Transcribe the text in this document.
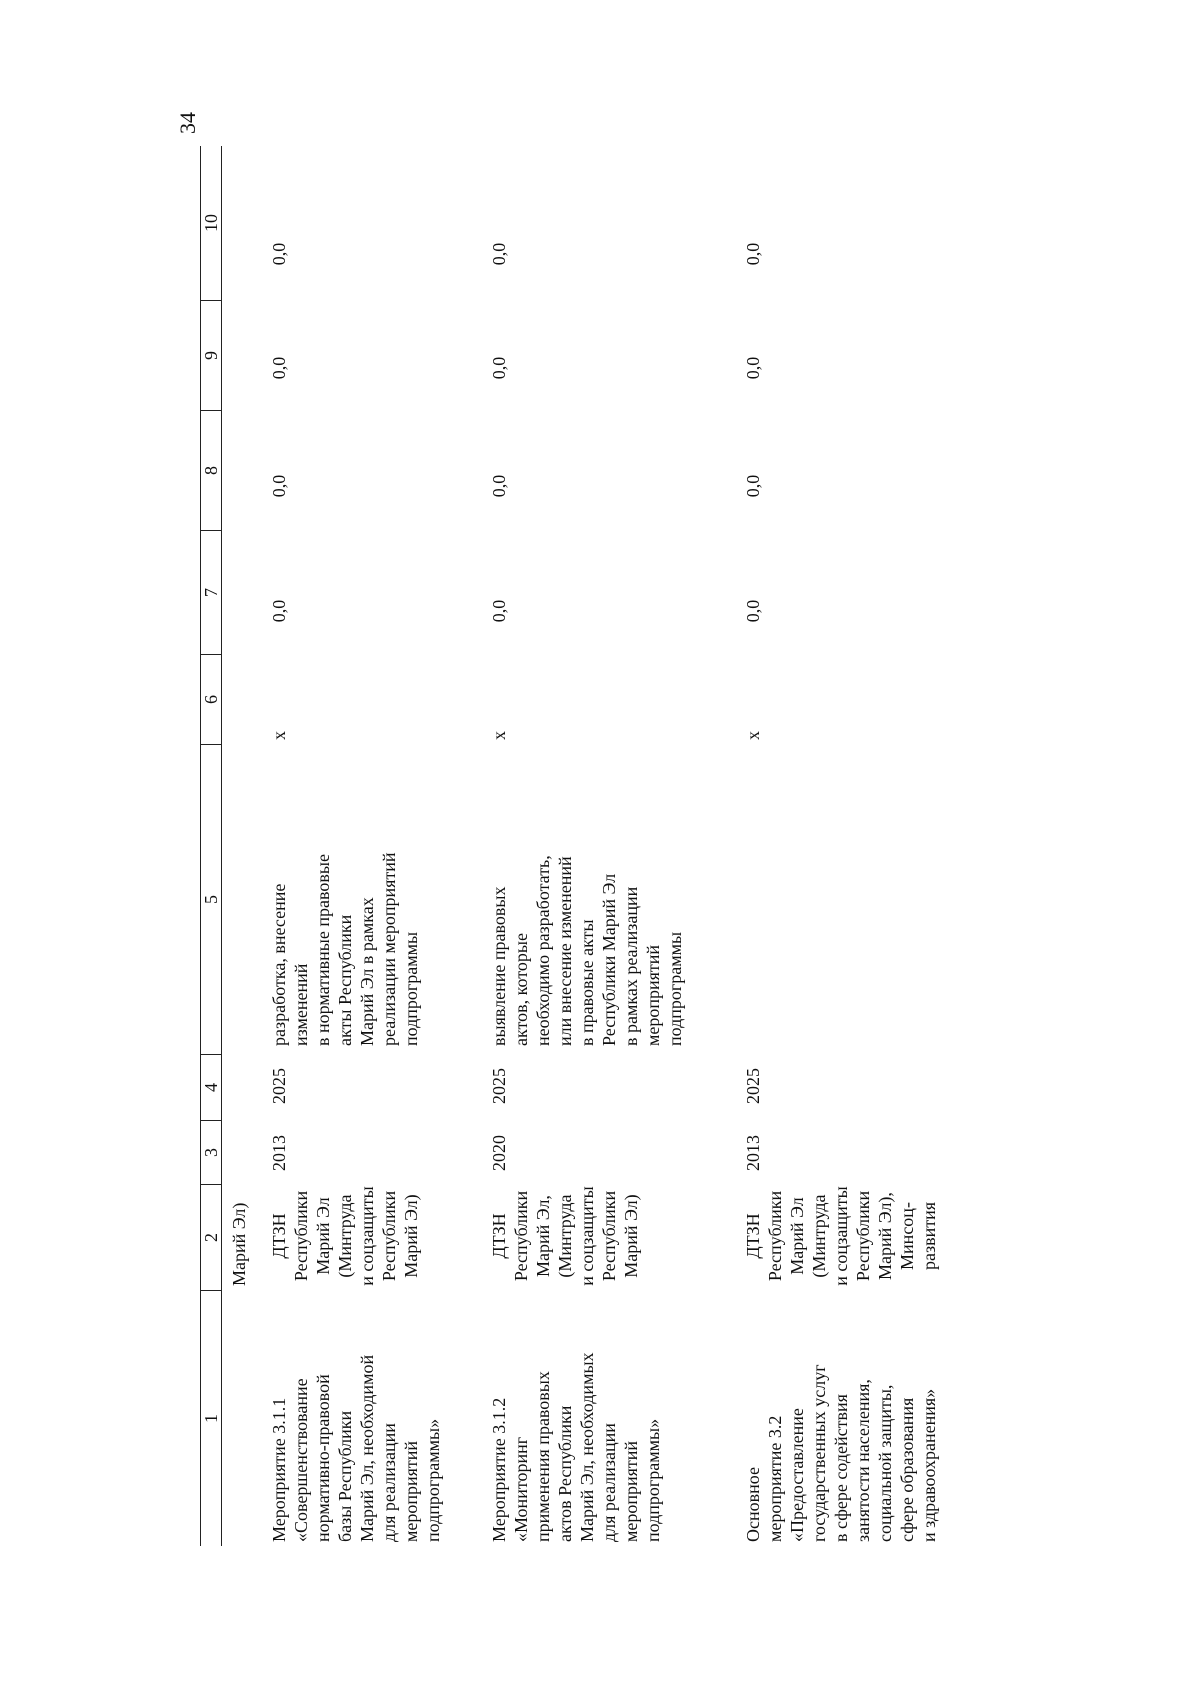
34
1
2
3
4
5
6
7
8
9
10
Марий Эл)
Мероприятие 3.1.1 «Совершенствование нормативно-правовой базы Республики Марий Эл, необходимой для реализации мероприятий подпрограммы»
ДТЗН Республики Марий Эл (Минтруда и соцзащиты Республики Марий Эл)
2013
2025
разработка, внесение изменений в нормативные правовые акты Республики Марий Эл в рамках реализации мероприятий подпрограммы
x
0,0
0,0
0,0
0,0
Мероприятие 3.1.2 «Мониторинг применения правовых актов Республики Марий Эл, необходимых для реализации мероприятий подпрограммы»
ДТЗН Республики Марий Эл, (Минтруда и соцзащиты Республики Марий Эл)
2020
2025
выявление правовых актов, которые необходимо разработать, или внесение изменений в правовые акты Республики Марий Эл в рамках реализации мероприятий подпрограммы
x
0,0
0,0
0,0
0,0
Основное мероприятие 3.2 «Предоставление государственных услуг в сфере содействия занятости населения, социальной защиты, сфере образования и здравоохранения»
ДТЗН Республики Марий Эл (Минтруда и соцзащиты Республики Марий Эл), Минсоц- развития
2013
2025
x
0,0
0,0
0,0
0,0
